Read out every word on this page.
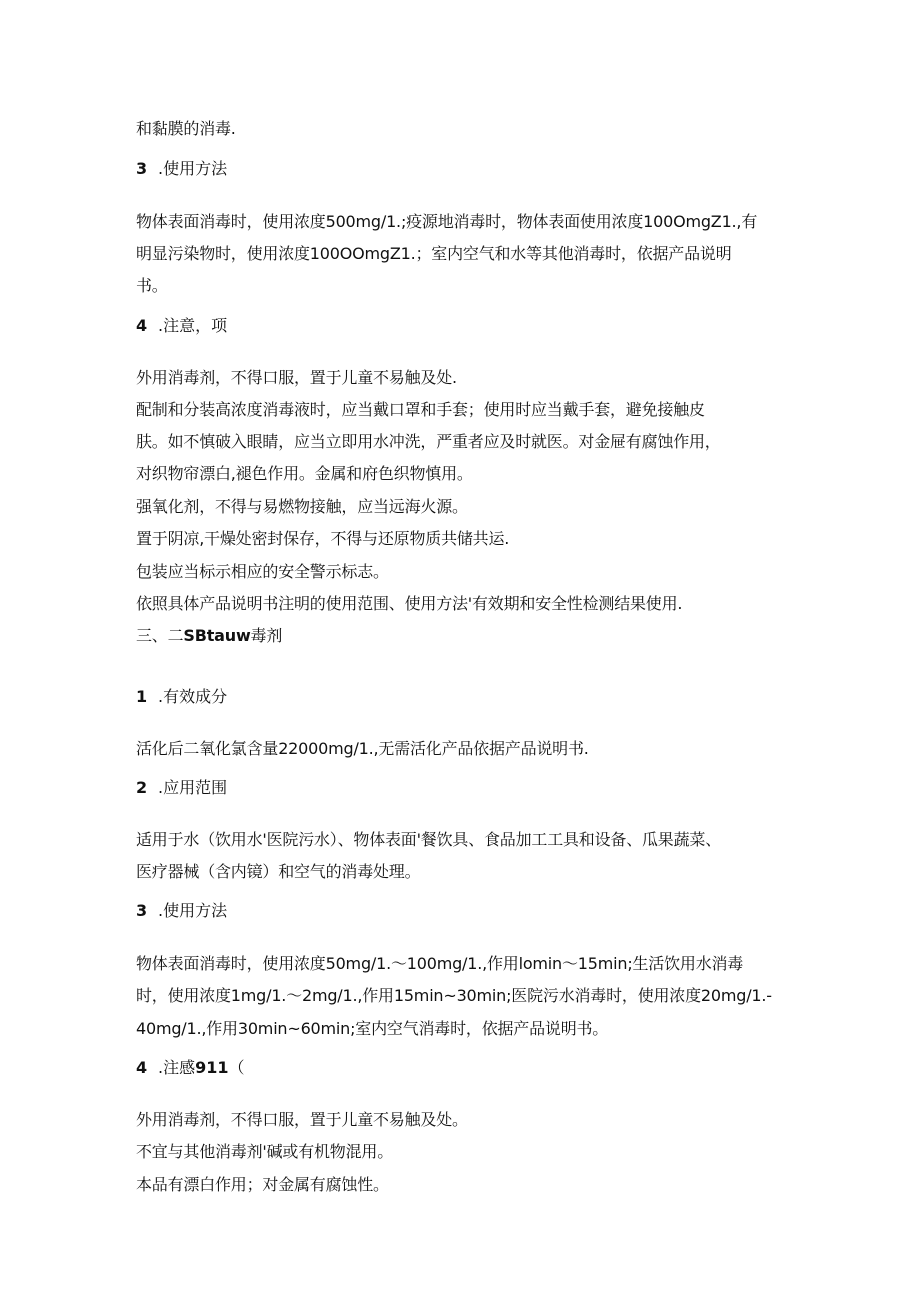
和黏膜的消毒.
3 .使用方法
物体表面消毒时，使用浓度500mg∕1.;疫源地消毒时，物体表面使用浓度100OmgZ1.,有
明显污染物时，使用浓度100OOmgZ1.；室内空气和水等其他消毒时，依据产品说明
书。
4 .注意，项
外用消毒剂，不得口服，置于儿童不易触及处.
配制和分装高浓度消毒液时，应当戴口罩和手套；使用时应当戴手套，避免接触皮
肤。如不慎破入眼睛，应当立即用水冲洗，严重者应及时就医。对金屉有腐蚀作用，
对织物帘漂白,褪色作用。金属和府色织物慎用。
强氧化剂，不得与易燃物接触，应当远海火源。
置于阴凉,干燥处密封保存，不得与还原物质共储共运.
包装应当标示相应的安全警示标志。
依照具体产品说明书注明的使用范围、使用方法'有效期和安全性检测结果使用.
三、二SBtauw毒剂
1 .有效成分
活化后二氧化氯含量22000mg∕1.,无需活化产品依据产品说明书.
2 .应用范围
适用于水（饮用水'医院污水）、物体表面'餐饮具、食品加工工具和设备、瓜果蔬菜、
医疗器械（含内镜）和空气的消毒处理。
3 .使用方法
物体表面消毒时，使用浓度50mg∕1.〜100mg/1.,作用lomin〜15min;生活饮用水消毒
时，使用浓度1mg∕1.〜2mg∕1.,作用15min~30min;医院污水消毒时，使用浓度20mg∕1.-
40mg∕1.,作用30min~60min;室内空气消毒时，依据产品说明书。
4 .注感911（
外用消毒剂，不得口服，置于儿童不易触及处。
不宜与其他消毒剂'碱或有机物混用。
本品有漂白作用；对金属有腐蚀性。
